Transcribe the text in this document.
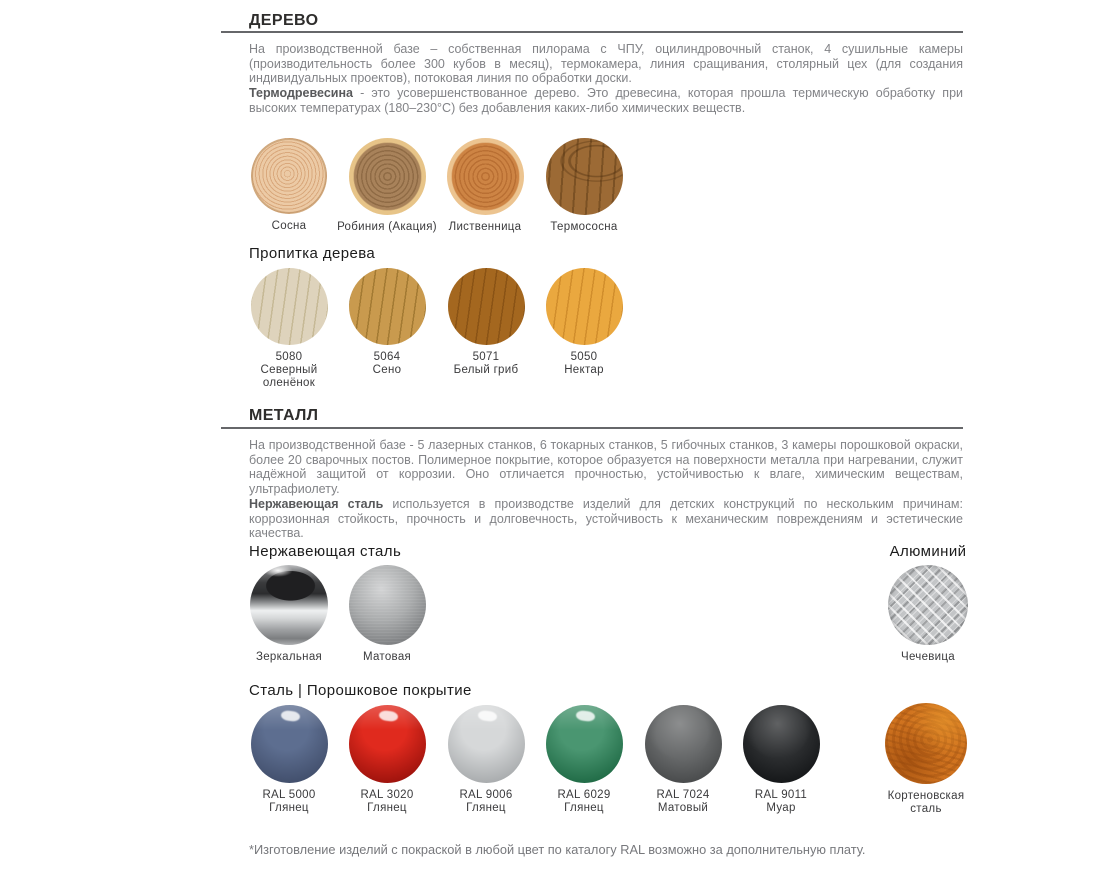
ДЕРЕВО

На производственной базе – собственная пилорама с ЧПУ, оцилиндровочный станок, 4 сушильные камеры (производительность более 300 кубов в месяц), термокамера, линия сращивания, столярный цех (для создания индивидуальных проектов), потоковая линия по обработки доски.

Термодревесина - это усовершенствованное дерево. Это древесина, которая прошла термическую обработку при высоких температурах (180–230°С) без добавления каких-либо химических веществ.

Сосна	Робиния (Акация)	Лиственница	Термососна
Пропитка дерева
5080
Северный оленёнок
5064
Сено
5071
Белый гриб
5050
Нектар
МЕТАЛЛ

На производственной базе - 5 лазерных станков, 6 токарных станков, 5 гибочных станков, 3 камеры порошковой окраски, более 20 сварочных постов. Полимерное покрытие, которое образуется на поверхности металла при нагревании, служит надёжной защитой от коррозии. Оно отличается прочностью, устойчивостью к влаге, химическим веществам, ультрафиолету.

Нержавеющая сталь используется в производстве изделий для детских конструкций по нескольким причинам: коррозионная стойкость, прочность и долговечность, устойчивость к механическим повреждениям и эстетические качества.

Нержавеющая сталь	Алюминий
Зеркальная	Матовая	Чечевица
Сталь | Порошковое покрытие
RAL 5000
Глянец
RAL 3020
Глянец
RAL 9006
Глянец
RAL 6029
Глянец
RAL 7024
Матовый
RAL 9011
Муар
Кортеновская сталь
*Изготовление изделий с покраской в любой цвет по каталогу RAL возможно за дополнительную плату.
